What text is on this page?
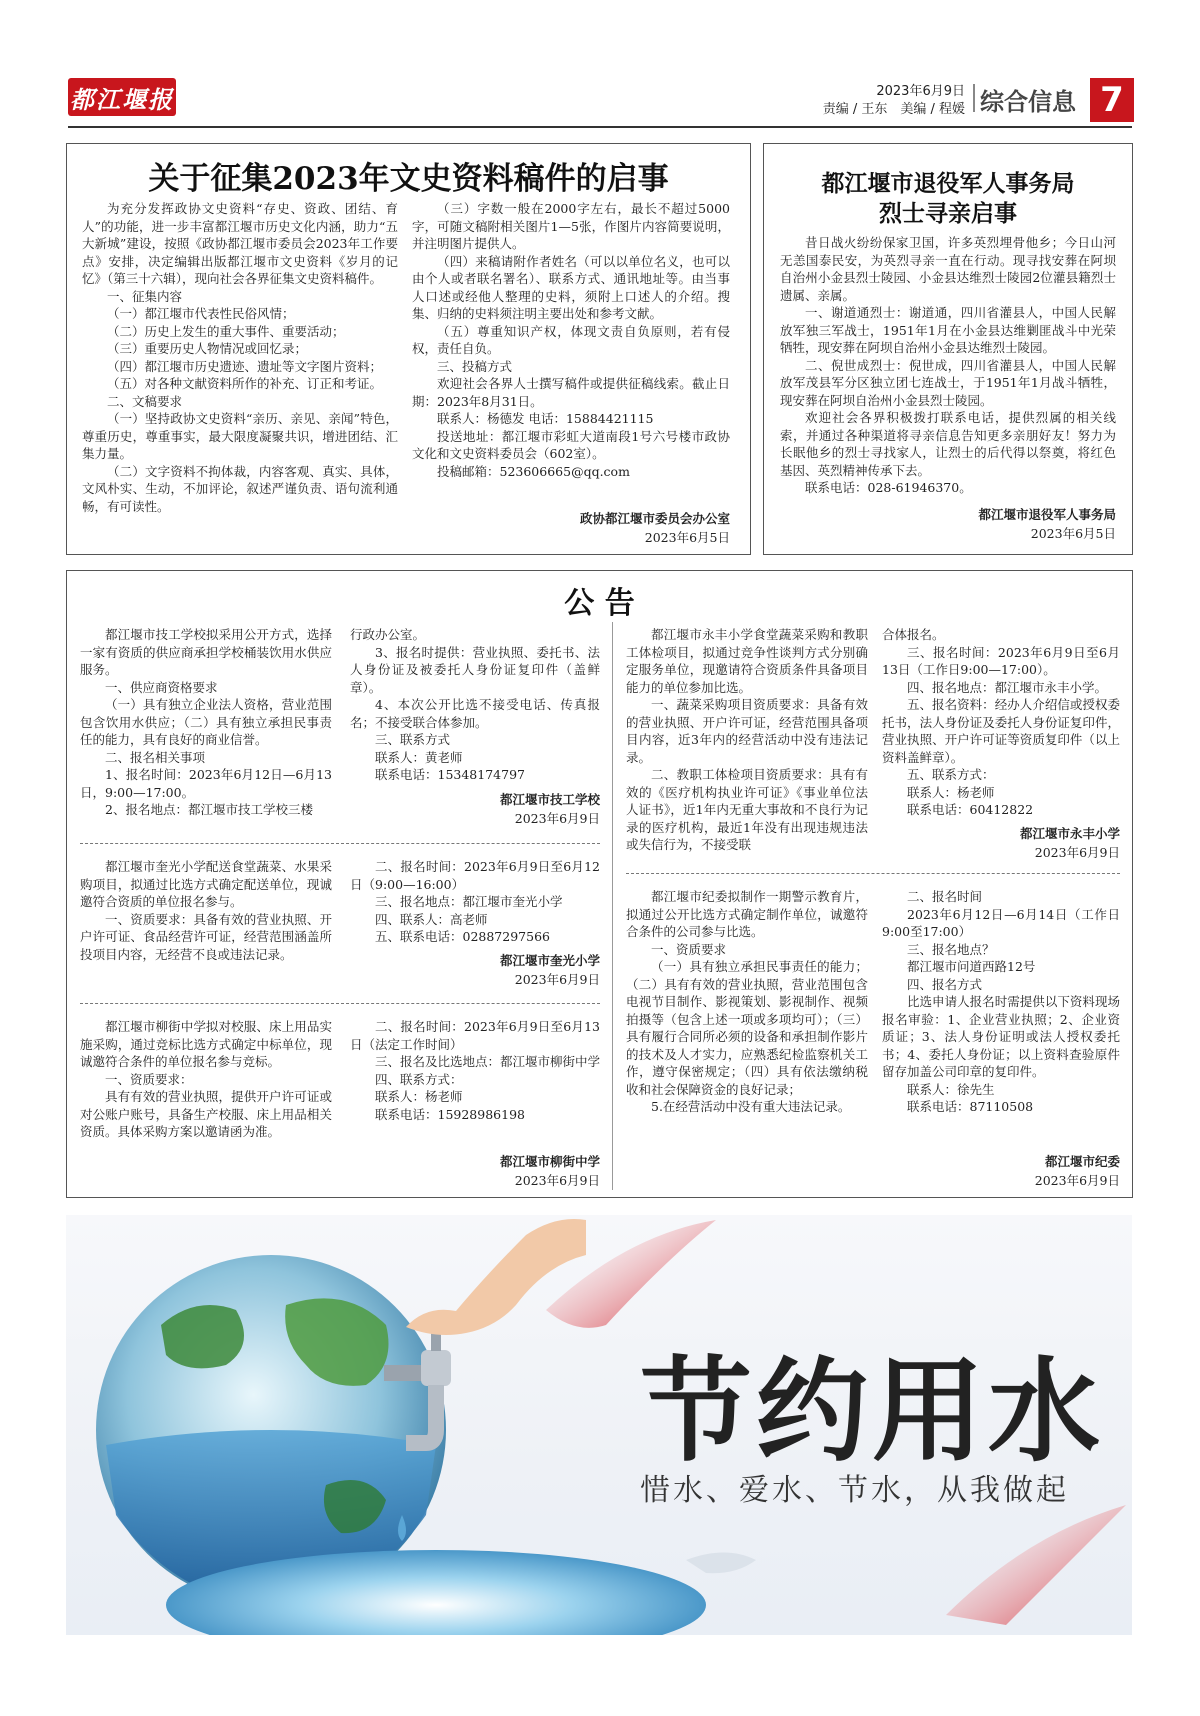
都江堰报	2023年6月9日
责编 / 王东　美编 / 程媛 综合信息 7
关于征集2023年文史资料稿件的启事

为充分发挥政协文史资料“存史、资政、团结、育人”的功能，进一步丰富都江堰市历史文化内涵，助力“五大新城”建设，按照《政协都江堰市委员会2023年工作要点》安排，决定编辑出版都江堰市文史资料《岁月的记忆》（第三十六辑），现向社会各界征集文史资料稿件。

一、征集内容

（一）都江堰市代表性民俗风情；

（二）历史上发生的重大事件、重要活动；

（三）重要历史人物情况或回忆录；

（四）都江堰市历史遗迹、遗址等文字图片资料；

（五）对各种文献资料所作的补充、订正和考证。

二、文稿要求

（一）坚持政协文史资料“亲历、亲见、亲闻”特色，尊重历史，尊重事实，最大限度凝聚共识，增进团结、汇集力量。

（二）文字资料不拘体裁，内容客观、真实、具体，文风朴实、生动，不加评论，叙述严谨负责、语句流利通畅，有可读性。

（三）字数一般在2000字左右，最长不超过5000字，可随文稿附相关图片1—5张，作图片内容简要说明，并注明图片提供人。

（四）来稿请附作者姓名（可以以单位名义，也可以由个人或者联名署名）、联系方式、通讯地址等。由当事人口述或经他人整理的史料，须附上口述人的介绍。搜集、归纳的史料须注明主要出处和参考文献。

（五）尊重知识产权，体现文责自负原则，若有侵权，责任自负。

三、投稿方式

欢迎社会各界人士撰写稿件或提供征稿线索。截止日期：2023年8月31日。

联系人：杨德发 电话：15884421115

投送地址：都江堰市彩虹大道南段1号六号楼市政协文化和文史资料委员会（602室）。

投稿邮箱：523606665@qq.com

政协都江堰市委员会办公室
2023年6月5日
都江堰市退役军人事务局
烈士寻亲启事

昔日战火纷纷保家卫国，许多英烈埋骨他乡；今日山河无恙国泰民安，为英烈寻亲一直在行动。现寻找安葬在阿坝自治州小金县烈士陵园、小金县达维烈士陵园2位灌县籍烈士遗属、亲属。

一、谢道通烈士：谢道通，四川省灌县人，中国人民解放军独三军战士，1951年1月在小金县达维剿匪战斗中光荣牺牲，现安葬在阿坝自治州小金县达维烈士陵园。

二、倪世成烈士：倪世成，四川省灌县人，中国人民解放军茂县军分区独立团七连战士，于1951年1月战斗牺牲，现安葬在阿坝自治州小金县烈士陵园。

欢迎社会各界积极拨打联系电话，提供烈属的相关线索，并通过各种渠道将寻亲信息告知更多亲朋好友！努力为长眠他乡的烈士寻找家人，让烈士的后代得以祭奠，将红色基因、英烈精神传承下去。

联系电话：028-61946370。

都江堰市退役军人事务局
2023年6月5日
公 告

都江堰市技工学校拟采用公开方式，选择一家有资质的供应商承担学校桶装饮用水供应服务。

一、供应商资格要求

（一）具有独立企业法人资格，营业范围包含饮用水供应；（二）具有独立承担民事责任的能力，具有良好的商业信誉。

二、报名相关事项

1、报名时间：2023年6月12日—6月13日，9:00—17:00。

2、报名地点：都江堰市技工学校三楼

行政办公室。

3、报名时提供：营业执照、委托书、法人身份证及被委托人身份证复印件（盖鲜章）。

4、本次公开比选不接受电话、传真报名；不接受联合体参加。

三、联系方式

联系人：黄老师

联系电话：15348174797

都江堰市技工学校
2023年6月9日

都江堰市奎光小学配送食堂蔬菜、水果采购项目，拟通过比选方式确定配送单位，现诚邀符合资质的单位报名参与。

一、资质要求：具备有效的营业执照、开户许可证、食品经营许可证，经营范围涵盖所投项目内容，无经营不良或违法记录。

二、报名时间：2023年6月9日至6月12日（9:00—16:00）

三、报名地点：都江堰市奎光小学

四、联系人：高老师

五、联系电话：02887297566

都江堰市奎光小学
2023年6月9日

都江堰市柳街中学拟对校服、床上用品实施采购，通过竞标比选方式确定中标单位，现诚邀符合条件的单位报名参与竞标。

一、资质要求：

具有有效的营业执照，提供开户许可证或对公账户账号，具备生产校服、床上用品相关资质。具体采购方案以邀请函为准。

二、报名时间：2023年6月9日至6月13日（法定工作时间）

三、报名及比选地点：都江堰市柳街中学

四、联系方式：

联系人：杨老师

联系电话：15928986198

都江堰市柳街中学
2023年6月9日

都江堰市永丰小学食堂蔬菜采购和教职工体检项目，拟通过竞争性谈判方式分别确定服务单位，现邀请符合资质条件具备项目能力的单位参加比选。

一、蔬菜采购项目资质要求：具备有效的营业执照、开户许可证，经营范围具备项目内容，近3年内的经营活动中没有违法记录。

二、教职工体检项目资质要求：具有有效的《医疗机构执业许可证》《事业单位法人证书》，近1年内无重大事故和不良行为记录的医疗机构，最近1年没有出现违规违法或失信行为，不接受联

合体报名。

三、报名时间：2023年6月9日至6月13日（工作日9:00—17:00）。

四、报名地点：都江堰市永丰小学。

五、报名资料：经办人介绍信或授权委托书，法人身份证及委托人身份证复印件，营业执照、开户许可证等资质复印件（以上资料盖鲜章）。

五、联系方式：

联系人：杨老师

联系电话：60412822

都江堰市永丰小学
2023年6月9日

都江堰市纪委拟制作一期警示教育片，拟通过公开比选方式确定制作单位，诚邀符合条件的公司参与比选。

一、资质要求

（一）具有独立承担民事责任的能力；（二）具有有效的营业执照，营业范围包含电视节目制作、影视策划、影视制作、视频拍摄等（包含上述一项或多项均可）；（三）具有履行合同所必须的设备和承担制作影片的技术及人才实力，应熟悉纪检监察机关工作，遵守保密规定；（四）具有依法缴纳税收和社会保障资金的良好记录；

5.在经营活动中没有重大违法记录。

二、报名时间

2023年6月12日—6月14日（工作日9:00至17:00）

三、报名地点？

都江堰市问道西路12号

四、报名方式

比选申请人报名时需提供以下资料现场报名审验：1、企业营业执照；2、企业资质证；3、法人身份证明或法人授权委托书；4、委托人身份证；以上资料查验原件留存加盖公司印章的复印件。

联系人：徐先生

联系电话：87110508

都江堰市纪委
2023年6月9日
节约用水
惜水、爱水、节水，从我做起
